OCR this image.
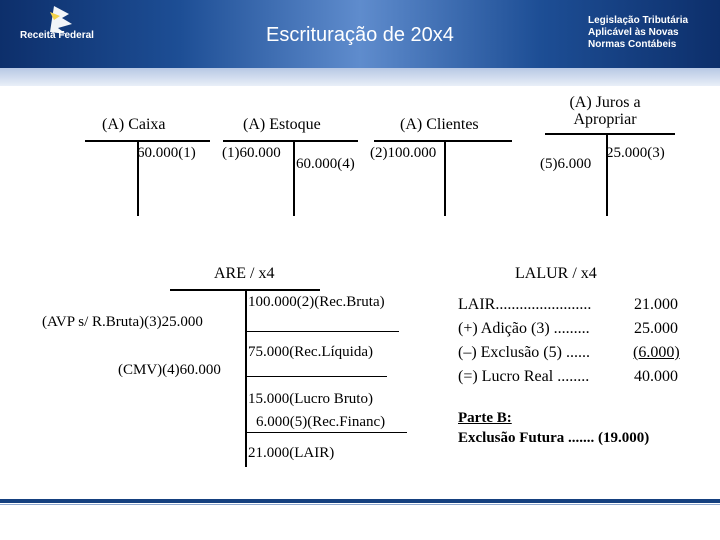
Receita Federal	Escrituração de 20x4
Legislação Tributária Aplicável às Novas Normas Contábeis
(A) Caixa
60.000(1)
(A) Estoque
(1)60.000
60.000(4)
(A) Clientes
(2)100.000
(A) Juros a Apropriar
(5)6.000
25.000(3)
ARE / x4
(AVP s/ R.Bruta)(3)25.000
(CMV)(4)60.000
100.000(2)(Rec.Bruta)
75.000(Rec.Líquida)
15.000(Lucro Bruto)
6.000(5)(Rec.Financ)
21.000(LAIR)
LALUR / x4
LAIR........................	21.000
(+) Adição (3) .........	25.000
(–) Exclusão (5) ......	(6.000)
(=) Lucro Real ........	40.000
Parte B:
Exclusão Futura ....... (19.000)
